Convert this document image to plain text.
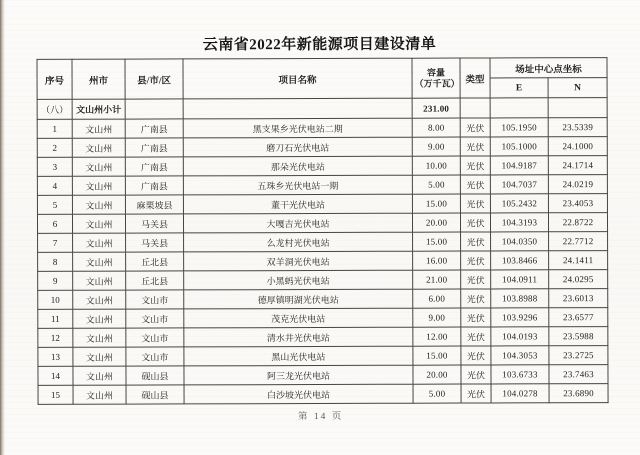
云南省2022年新能源项目建设清单
序号	州市	县/市/区	项目名称	容量
（万千瓦）	类型	场址中心点坐标	
						E	N
（八）	文山州小计			231.00			
1	文山州	广南县	黑支果乡光伏电站二期	8.00	光伏	105.1950	23.5339
2	文山州	广南县	磨刀石光伏电站	9.00	光伏	105.1000	24.1000
3	文山州	广南县	那朵光伏电站	10.00	光伏	104.9187	24.1714
4	文山州	广南县	五珠乡光伏电站一期	5.00	光伏	104.7037	24.0219
5	文山州	麻栗坡县	董干光伏电站	15.00	光伏	105.2432	23.4053
6	文山州	马关县	大嘎吉光伏电站	20.00	光伏	104.3193	22.8722
7	文山州	马关县	么龙村光伏电站	15.00	光伏	104.0350	22.7712
8	文山州	丘北县	双羊洞光伏电站	16.00	光伏	103.8466	24.1411
9	文山州	丘北县	小黑蚂光伏电站	21.00	光伏	104.0911	24.0295
10	文山州	文山市	德厚镇明湖光伏电站	6.00	光伏	103.8988	23.6013
11	文山州	文山市	茂克光伏电站	9.00	光伏	103.9296	23.6577
12	文山州	文山市	清水井光伏电站	12.00	光伏	104.0193	23.5988
13	文山州	文山市	黑山光伏电站	15.00	光伏	104.3053	23.2725
14	文山州	砚山县	阿三龙光伏电站	20.00	光伏	103.6733	23.7463
15	文山州	砚山县	白沙坡光伏电站	5.00	光伏	104.0278	23.6890
第 14 页
